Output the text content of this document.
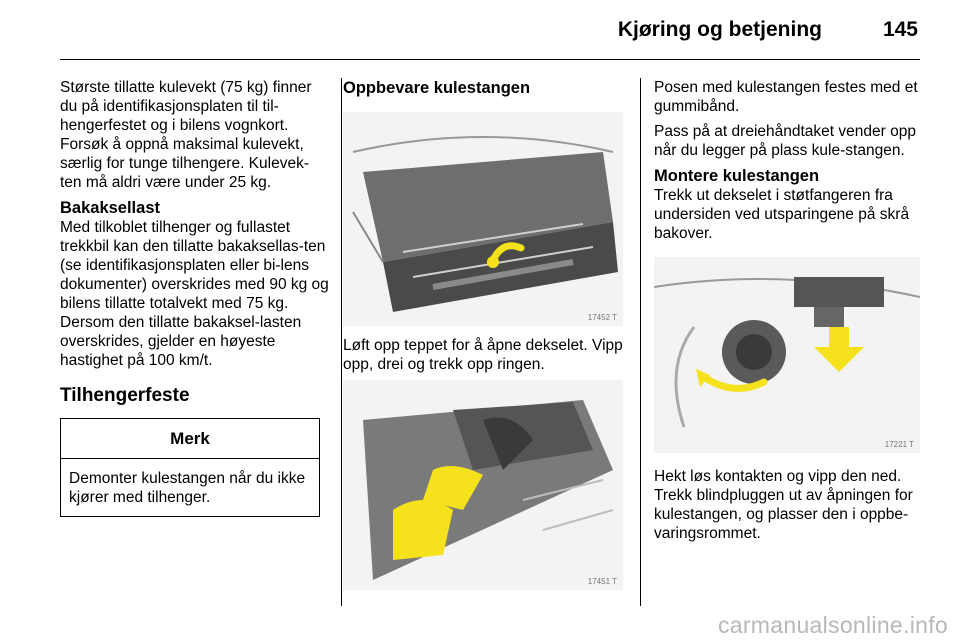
Kjøring og betjening	145

Største tillatte kulevekt (75 kg) finner du på identifikasjonsplaten til til-hengerfestet og i bilens vognkort. Forsøk å oppnå maksimal kulevekt, særlig for tunge tilhengere. Kulevek-ten må aldri være under 25 kg.

Bakaksellast

Med tilkoblet tilhenger og fullastet trekkbil kan den tillatte bakaksellas-ten (se identifikasjonsplaten eller bi-lens dokumenter) overskrides med 90 kg og bilens tillatte totalvekt med 75 kg. Dersom den tillatte bakaksel-lasten overskrides, gjelder en høyeste hastighet på 100 km/t.

Tilhengerfeste
Merk
Demonter kulestangen når du ikke kjører med tilhenger.
Oppbevare kulestangen
17452 T

Løft opp teppet for å åpne dekselet. Vipp opp, drei og trekk opp ringen.

17451 T

Posen med kulestangen festes med et gummibånd.

Pass på at dreiehåndtaket vender opp når du legger på plass kule-stangen.

Montere kulestangen

Trekk ut dekselet i støtfangeren fra undersiden ved utsparingene på skrå bakover.

17221 T

Hekt løs kontakten og vipp den ned. Trekk blindpluggen ut av åpningen for kulestangen, og plasser den i oppbe-varingsrommet.

carmanualsonline.info
